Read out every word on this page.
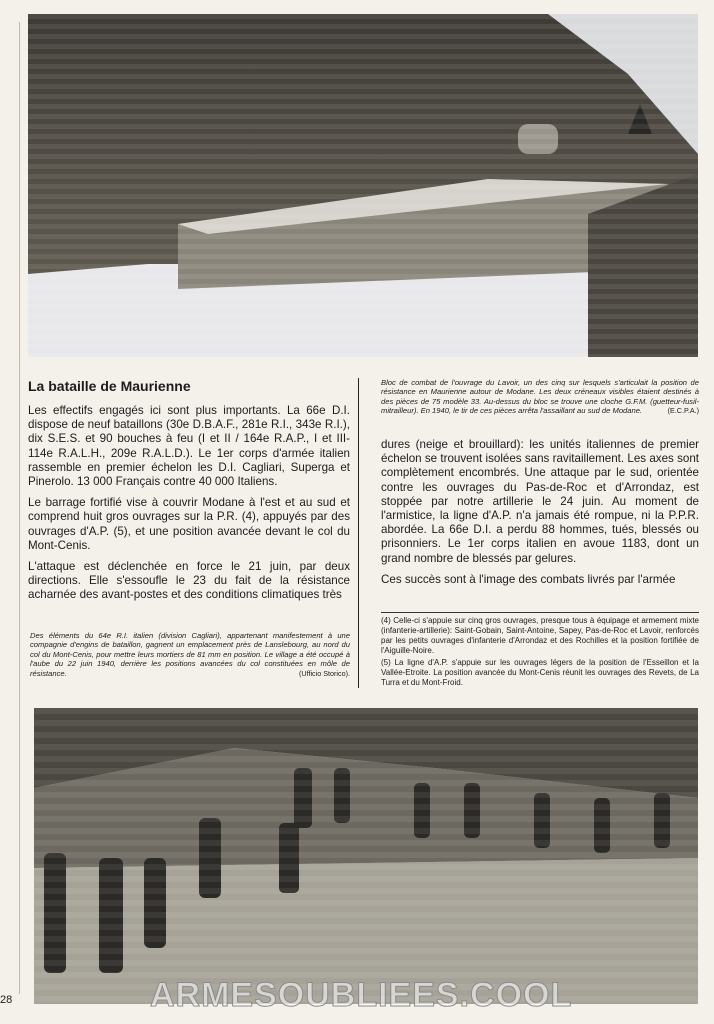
La bataille de Maurienne

Les effectifs engagés ici sont plus importants. La 66e D.I. dispose de neuf bataillons (30e D.B.A.F., 281e R.I., 343e R.I.), dix S.E.S. et 90 bouches à feu (I et II / 164e R.A.P., I et III-114e R.A.L.H., 209e R.A.L.D.). Le 1er corps d'armée italien rassemble en premier échelon les D.I. Cagliari, Superga et Pinerolo. 13 000 Français contre 40 000 Italiens.

Le barrage fortifié vise à couvrir Modane à l'est et au sud et comprend huit gros ouvrages sur la P.R. (4), appuyés par des ouvrages d'A.P. (5), et une position avancée devant le col du Mont-Cenis.

L'attaque est déclenchée en force le 21 juin, par deux directions. Elle s'essoufle le 23 du fait de la résistance acharnée des avant-postes et des conditions climatiques très

Bloc de combat de l'ouvrage du Lavoir, un des cinq sur lesquels s'articulait la position de résistance en Maurienne autour de Modane. Les deux créneaux visibles étaient destinés à des pièces de 75 modèle 33. Au-dessus du bloc se trouve une cloche G.F.M. (guetteur-fusil-mitrailleur). En 1940, le tir de ces pièces arrêta l'assaillant au sud de Modane.	(E.C.P.A.)

dures (neige et brouillard): les unités italiennes de premier échelon se trouvent isolées sans ravitaillement. Les axes sont complètement encombrés. Une attaque par le sud, orientée contre les ouvrages du Pas-de-Roc et d'Arrondaz, est stoppée par notre artillerie le 24 juin. Au moment de l'armistice, la ligne d'A.P. n'a jamais été rompue, ni la P.P.R. abordée. La 66e D.I. a perdu 88 hommes, tués, blessés ou prisonniers. Le 1er corps italien en avoue 1183, dont un grand nombre de blessés par gelures.

Ces succès sont à l'image des combats livrés par l'armée

(4) Celle-ci s'appuie sur cinq gros ouvrages, presque tous à équipage et armement mixte (infanterie-artillerie): Saint-Gobain, Saint-Antoine, Sapey, Pas-de-Roc et Lavoir, renforcés par les petits ouvrages d'infanterie d'Arrondaz et des Rochilles et la position fortifiée de l'Aiguille-Noire.

(5) La ligne d'A.P. s'appuie sur les ouvrages légers de la position de l'Esseillon et la Vallée-Etroite. La position avancée du Mont-Cenis réunit les ouvrages des Revets, de La Turra et du Mont-Froid.

Des éléments du 64e R.I. italien (division Cagliari), appartenant manifestement à une compagnie d'engins de bataillon, gagnent un emplacement près de Lanslebourg, au nord du col du Mont-Cenis, pour mettre leurs mortiers de 81 mm en position. Le village a été occupé à l'aube du 22 juin 1940, derrière les positions avancées du col constituées en môle de résistance.	(Ufficio Storico).
28	ARMESOUBLIEES.COOL
